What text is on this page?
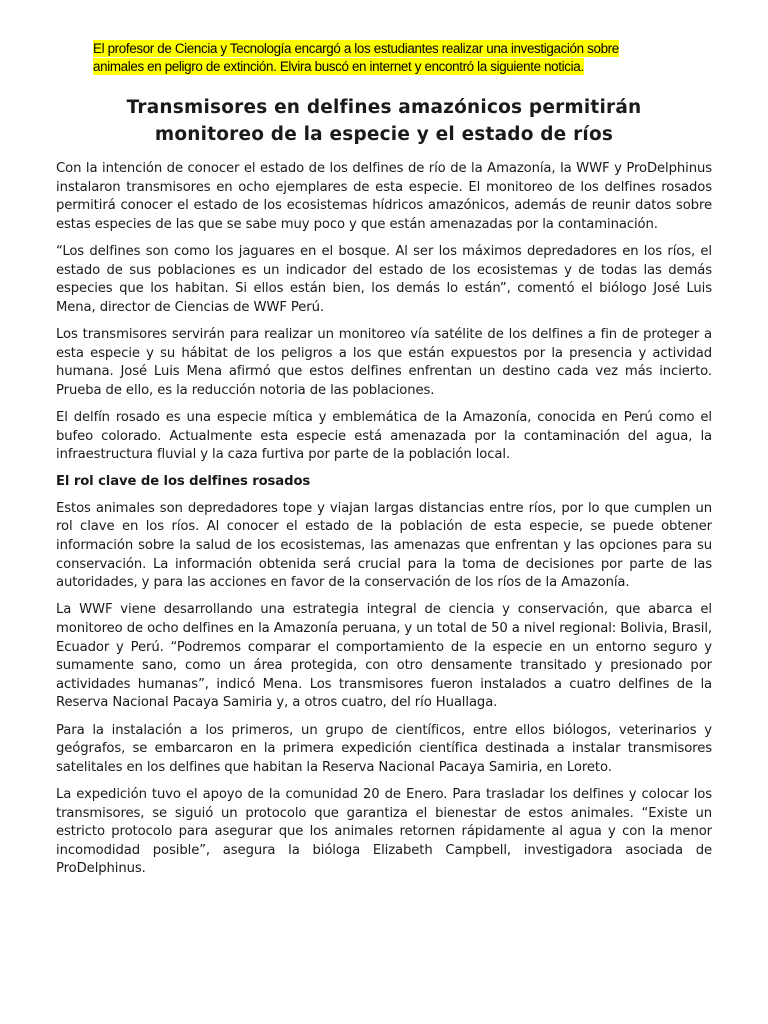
El profesor de Ciencia y Tecnología encargó a los estudiantes realizar una investigación sobre animales en peligro de extinción. Elvira buscó en internet y encontró la siguiente noticia.
Transmisores en delfines amazónicos permitirán
monitoreo de la especie y el estado de ríos

Con la intención de conocer el estado de los delfines de río de la Amazonía, la WWF y ProDelphinus instalaron transmisores en ocho ejemplares de esta especie. El monitoreo de los delfines rosados permitirá conocer el estado de los ecosistemas hídricos amazónicos, además de reunir datos sobre estas especies de las que se sabe muy poco y que están amenazadas por la contaminación.

“Los delfines son como los jaguares en el bosque. Al ser los máximos depredadores en los ríos, el estado de sus poblaciones es un indicador del estado de los ecosistemas y de todas las demás especies que los habitan. Si ellos están bien, los demás lo están”, comentó el biólogo José Luis Mena, director de Ciencias de WWF Perú.

Los transmisores servirán para realizar un monitoreo vía satélite de los delfines a fin de proteger a esta especie y su hábitat de los peligros a los que están expuestos por la presencia y actividad humana. José Luis Mena afirmó que estos delfines enfrentan un destino cada vez más incierto. Prueba de ello, es la reducción notoria de las poblaciones.

El delfín rosado es una especie mítica y emblemática de la Amazonía, conocida en Perú como el bufeo colorado. Actualmente esta especie está amenazada por la contaminación del agua, la infraestructura fluvial y la caza furtiva por parte de la población local.

El rol clave de los delfines rosados

Estos animales son depredadores tope y viajan largas distancias entre ríos, por lo que cumplen un rol clave en los ríos. Al conocer el estado de la población de esta especie, se puede obtener información sobre la salud de los ecosistemas, las amenazas que enfrentan y las opciones para su conservación. La información obtenida será crucial para la toma de decisiones por parte de las autoridades, y para las acciones en favor de la conservación de los ríos de la Amazonía.

La WWF viene desarrollando una estrategia integral de ciencia y conservación, que abarca el monitoreo de ocho delfines en la Amazonía peruana, y un total de 50 a nivel regional: Bolivia, Brasil, Ecuador y Perú. “Podremos comparar el comportamiento de la especie en un entorno seguro y sumamente sano, como un área protegida, con otro densamente transitado y presionado por actividades humanas”, indicó Mena. Los transmisores fueron instalados a cuatro delfines de la Reserva Nacional Pacaya Samiria y, a otros cuatro, del río Huallaga.

Para la instalación a los primeros, un grupo de científicos, entre ellos biólogos, veterinarios y geógrafos, se embarcaron en la primera expedición científica destinada a instalar transmisores satelitales en los delfines que habitan la Reserva Nacional Pacaya Samiria, en Loreto.

La expedición tuvo el apoyo de la comunidad 20 de Enero. Para trasladar los delfines y colocar los transmisores, se siguió un protocolo que garantiza el bienestar de estos animales. “Existe un estricto protocolo para asegurar que los animales retornen rápidamente al agua y con la menor incomodidad posible”, asegura la bióloga Elizabeth Campbell, investigadora asociada de ProDelphinus.
